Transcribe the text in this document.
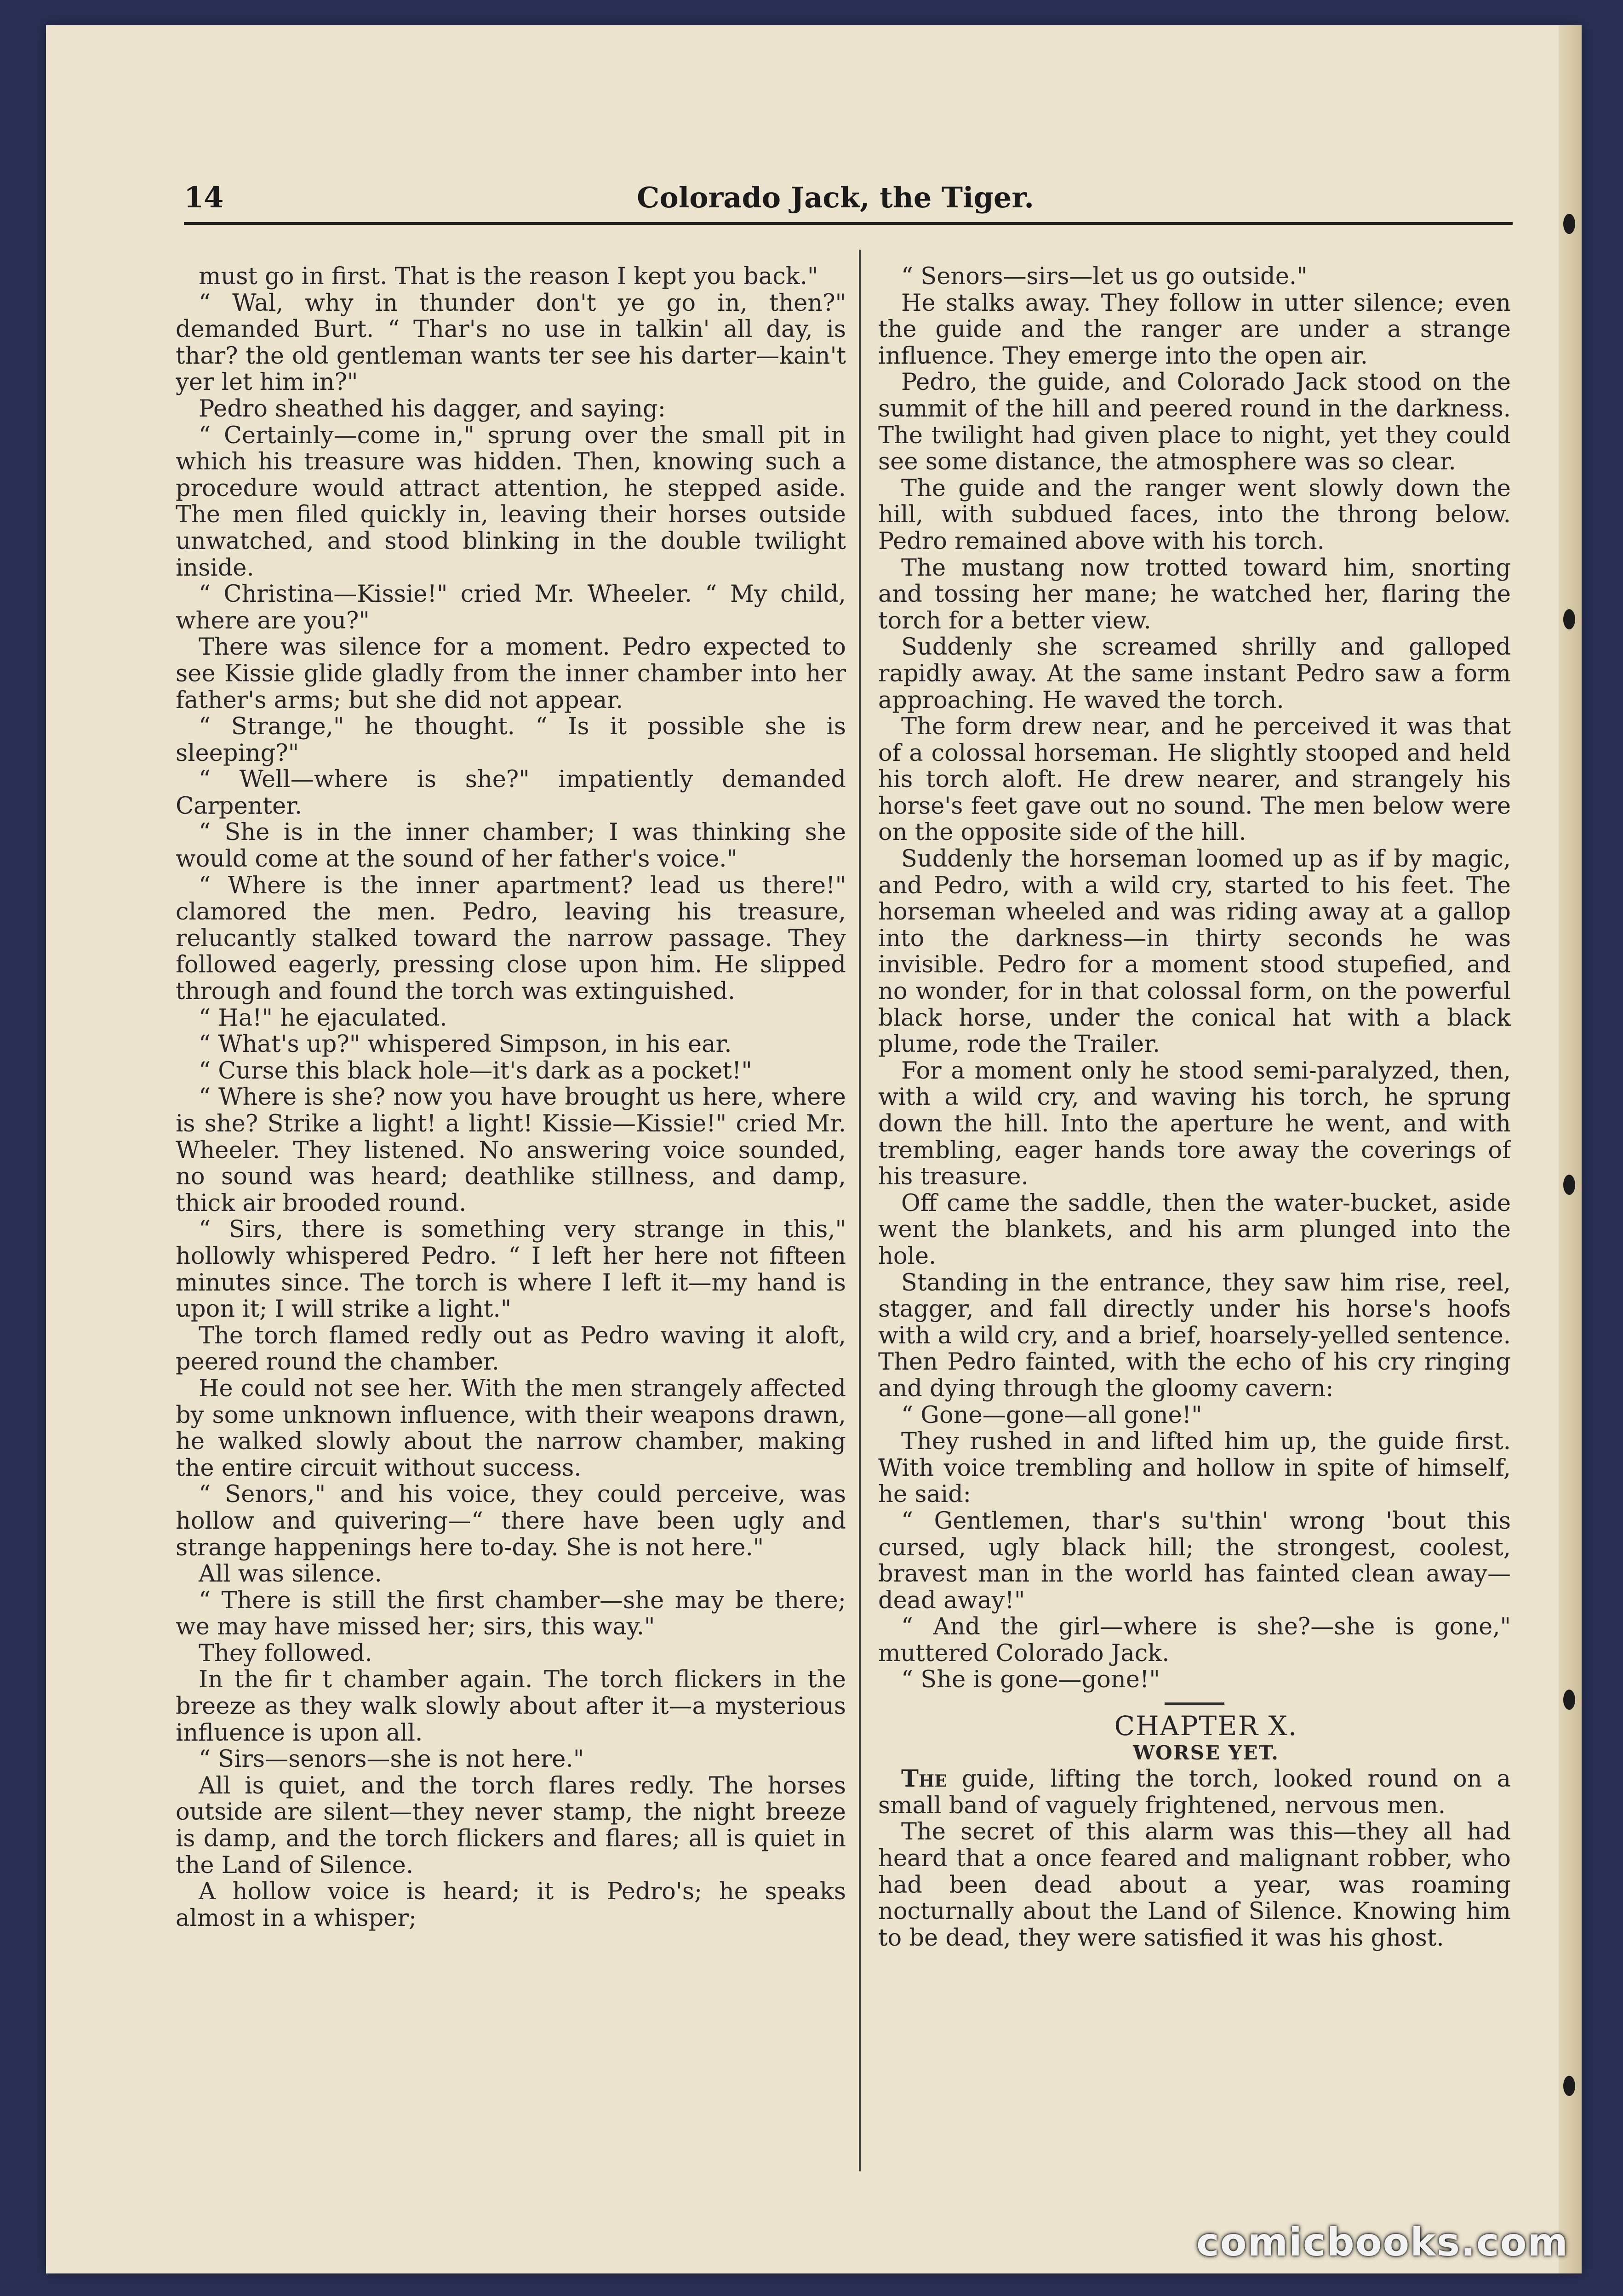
14	Colorado Jack, the Tiger.

must go in first. That is the reason I kept you back."

“ Wal, why in thunder don't ye go in, then?" demanded Burt. “ Thar's no use in talkin' all day, is thar? the old gentleman wants ter see his darter—kain't yer let him in?"

Pedro sheathed his dagger, and saying:

“ Certainly—come in," sprung over the small pit in which his treasure was hidden. Then, knowing such a procedure would attract attention, he stepped aside. The men filed quickly in, leaving their horses outside unwatched, and stood blinking in the double twilight inside.

“ Christina—Kissie!" cried Mr. Wheeler. “ My child, where are you?"

There was silence for a moment. Pedro expected to see Kissie glide gladly from the inner chamber into her father's arms; but she did not appear.

“ Strange," he thought. “ Is it possible she is sleeping?"

“ Well—where is she?" impatiently demanded Carpenter.

“ She is in the inner chamber; I was thinking she would come at the sound of her father's voice."

“ Where is the inner apartment? lead us there!" clamored the men. Pedro, leaving his treasure, relucantly stalked toward the narrow passage. They followed eagerly, pressing close upon him. He slipped through and found the torch was extinguished.

“ Ha!" he ejaculated.

“ What's up?" whispered Simpson, in his ear.

“ Curse this black hole—it's dark as a pocket!"

“ Where is she? now you have brought us here, where is she? Strike a light! a light! Kissie—Kissie!" cried Mr. Wheeler. They listened. No answering voice sounded, no sound was heard; deathlike stillness, and damp, thick air brooded round.

“ Sirs, there is something very strange in this," hollowly whispered Pedro. “ I left her here not fifteen minutes since. The torch is where I left it—my hand is upon it; I will strike a light."

The torch flamed redly out as Pedro waving it aloft, peered round the chamber.

He could not see her. With the men strangely affected by some unknown influence, with their weapons drawn, he walked slowly about the narrow chamber, making the entire circuit without success.

“ Senors," and his voice, they could perceive, was hollow and quivering—“ there have been ugly and strange happenings here to-day. She is not here."

All was silence.

“ There is still the first chamber—she may be there; we may have missed her; sirs, this way."

They followed.

In the fir t chamber again. The torch flickers in the breeze as they walk slowly about after it—a mysterious influence is upon all.

“ Sirs—senors—she is not here."

All is quiet, and the torch flares redly. The horses outside are silent—they never stamp, the night breeze is damp, and the torch flickers and flares; all is quiet in the Land of Silence.

A hollow voice is heard; it is Pedro's; he speaks almost in a whisper;

“ Senors—sirs—let us go outside."

He stalks away. They follow in utter silence; even the guide and the ranger are under a strange influence. They emerge into the open air.

Pedro, the guide, and Colorado Jack stood on the summit of the hill and peered round in the darkness. The twilight had given place to night, yet they could see some distance, the atmosphere was so clear.

The guide and the ranger went slowly down the hill, with subdued faces, into the throng below. Pedro remained above with his torch.

The mustang now trotted toward him, snorting and tossing her mane; he watched her, flaring the torch for a better view.

Suddenly she screamed shrilly and galloped rapidly away. At the same instant Pedro saw a form approaching. He waved the torch.

The form drew near, and he perceived it was that of a colossal horseman. He slightly stooped and held his torch aloft. He drew nearer, and strangely his horse's feet gave out no sound. The men below were on the opposite side of the hill.

Suddenly the horseman loomed up as if by magic, and Pedro, with a wild cry, started to his feet. The horseman wheeled and was riding away at a gallop into the darkness—in thirty seconds he was invisible. Pedro for a moment stood stupefied, and no wonder, for in that colossal form, on the powerful black horse, under the conical hat with a black plume, rode the Trailer.

For a moment only he stood semi-paralyzed, then, with a wild cry, and waving his torch, he sprung down the hill. Into the aperture he went, and with trembling, eager hands tore away the coverings of his treasure.

Off came the saddle, then the water-bucket, aside went the blankets, and his arm plunged into the hole.

Standing in the entrance, they saw him rise, reel, stagger, and fall directly under his horse's hoofs with a wild cry, and a brief, hoarsely-yelled sentence. Then Pedro fainted, with the echo of his cry ringing and dying through the gloomy cavern:

“ Gone—gone—all gone!"

They rushed in and lifted him up, the guide first. With voice trembling and hollow in spite of himself, he said:

“ Gentlemen, thar's su'thin' wrong 'bout this cursed, ugly black hill; the strongest, coolest, bravest man in the world has fainted clean away—dead away!"

“ And the girl—where is she?—she is gone," muttered Colorado Jack.

“ She is gone—gone!"

CHAPTER X.

WORSE YET.

The guide, lifting the torch, looked round on a small band of vaguely frightened, nervous men.

The secret of this alarm was this—they all had heard that a once feared and malignant robber, who had been dead about a year, was roaming nocturnally about the Land of Silence. Knowing him to be dead, they were satisfied it was his ghost.

comicbooks.com
